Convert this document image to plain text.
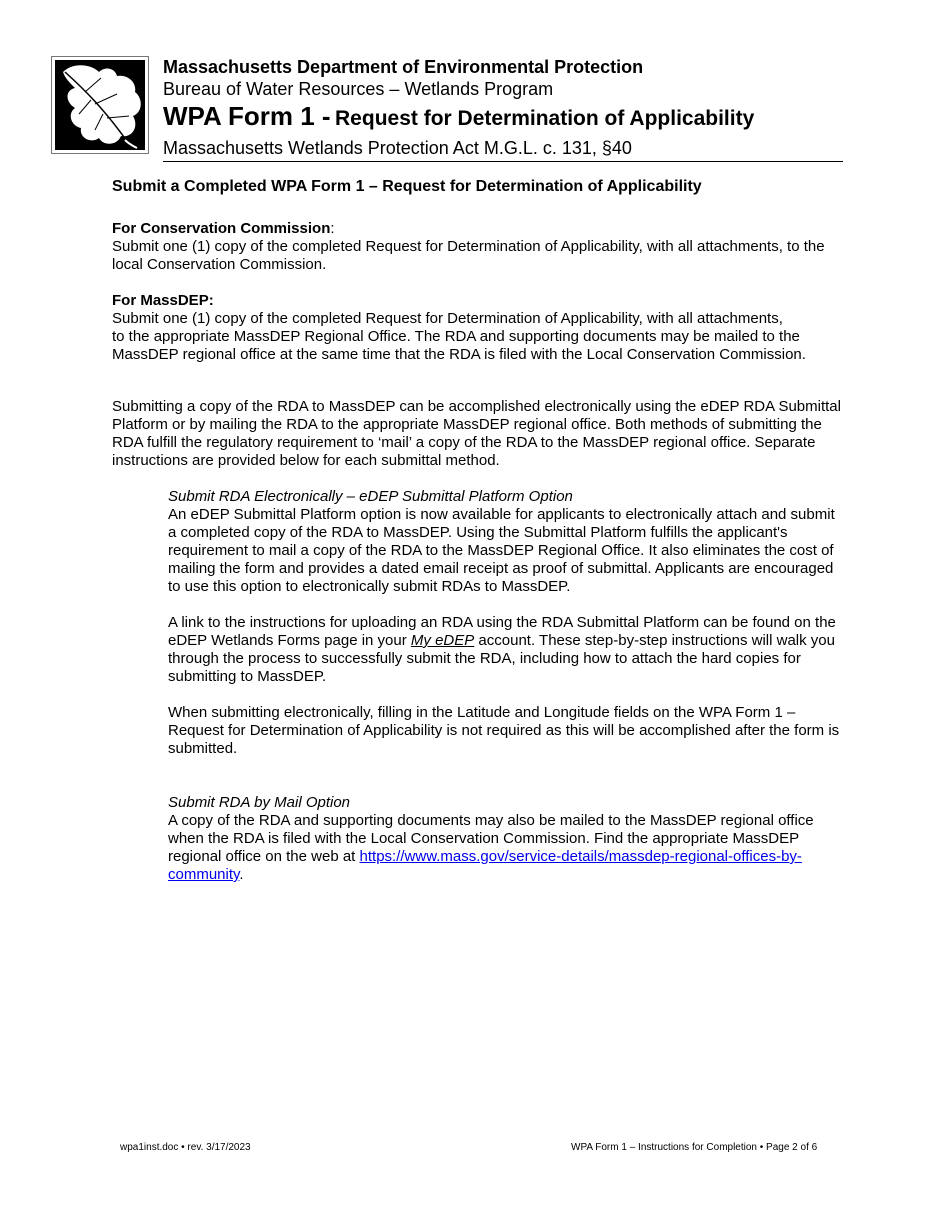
Massachusetts Department of Environmental Protection
Bureau of Water Resources – Wetlands Program
WPA Form 1 - Request for Determination of Applicability
Massachusetts Wetlands Protection Act M.G.L. c. 131, §40
Submit a Completed WPA Form 1 – Request for Determination of Applicability

For Conservation Commission:

Submit one (1) copy of the completed Request for Determination of Applicability, with all attachments, to the local Conservation Commission.

For MassDEP:

Submit one (1) copy of the completed Request for Determination of Applicability, with all attachments,

to the appropriate MassDEP Regional Office. The RDA and supporting documents may be mailed to the

MassDEP regional office at the same time that the RDA is filed with the Local Conservation Commission.

Submitting a copy of the RDA to MassDEP can be accomplished electronically using the eDEP RDA Submittal Platform or by mailing the RDA to the appropriate MassDEP regional office. Both methods of submitting the RDA fulfill the regulatory requirement to ‘mail’ a copy of the RDA to the MassDEP regional office. Separate instructions are provided below for each submittal method.

Submit RDA Electronically – eDEP Submittal Platform Option

An eDEP Submittal Platform option is now available for applicants to electronically attach and submit a completed copy of the RDA to MassDEP. Using the Submittal Platform fulfills the applicant's requirement to mail a copy of the RDA to the MassDEP Regional Office. It also eliminates the cost of mailing the form and provides a dated email receipt as proof of submittal. Applicants are encouraged to use this option to electronically submit RDAs to MassDEP.

A link to the instructions for uploading an RDA using the RDA Submittal Platform can be found on the eDEP Wetlands Forms page in your My eDEP account. These step-by-step instructions will walk you through the process to successfully submit the RDA, including how to attach the hard copies for submitting to MassDEP.

When submitting electronically, filling in the Latitude and Longitude fields on the WPA Form 1 – Request for Determination of Applicability is not required as this will be accomplished after the form is submitted.

Submit RDA by Mail Option

A copy of the RDA and supporting documents may also be mailed to the MassDEP regional office when the RDA is filed with the Local Conservation Commission. Find the appropriate MassDEP regional office on the web at https://www.mass.gov/service-details/massdep-regional-offices-by-community.

wpa1inst.doc • rev. 3/17/2023	WPA Form 1 – Instructions for Completion • Page 2 of 6
